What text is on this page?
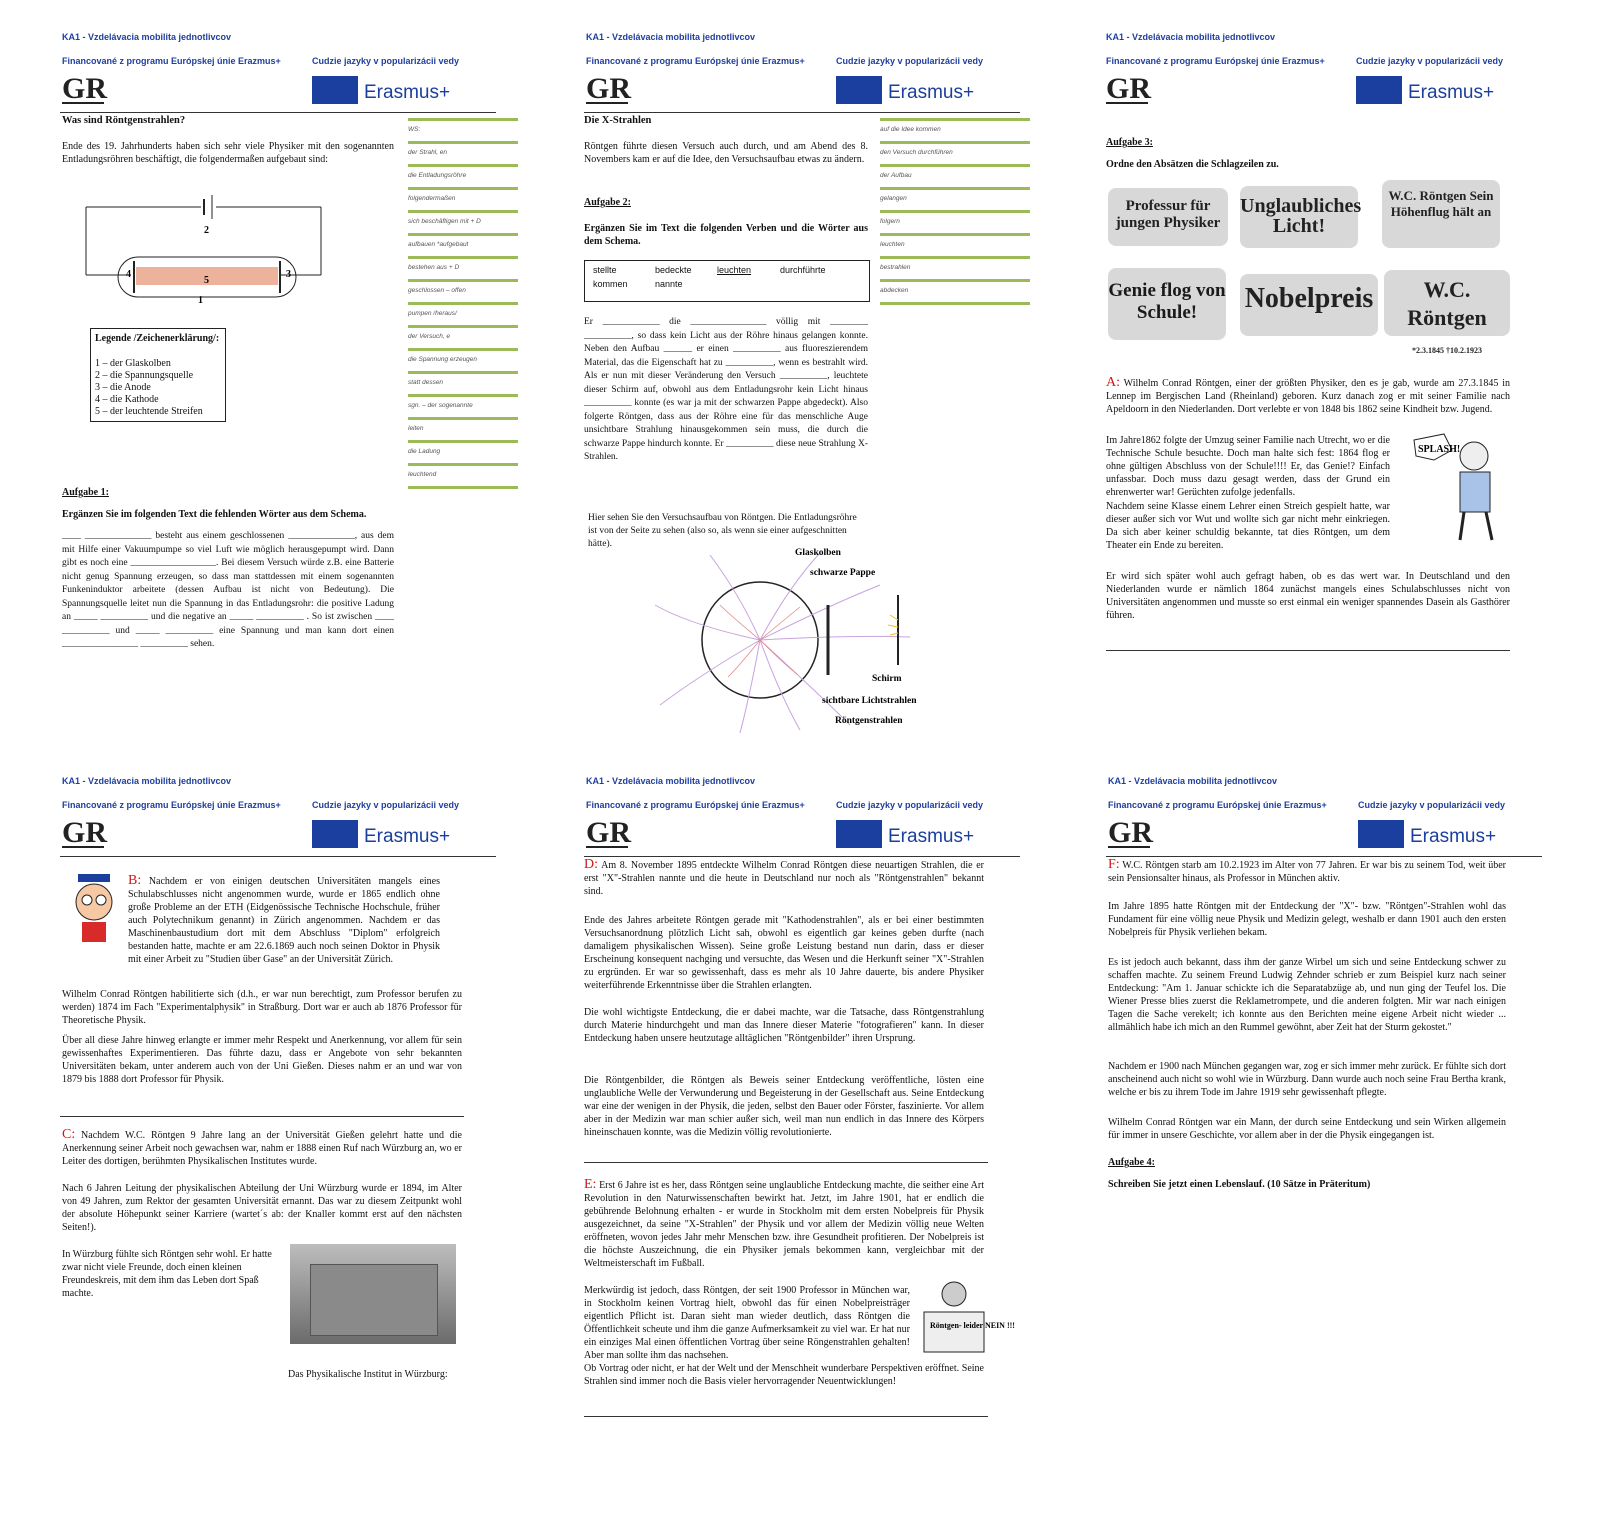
KA1 - Vzdelávacia mobilita jednotlivcov
Financované z programu Európskej únie Erazmus+	Cudzie jazyky v popularizácii vedy
GR	Erasmus+
Was sind Röntgenstrahlen?
Ende des 19. Jahrhunderts haben sich sehr viele Physiker mit den sogenannten Entladungsröhren beschäftigt, die folgendermaßen aufgebaut sind:
2
4
5
3
1
Legende /Zeichenerklärung/:
1 – der Glaskolben
2 – die Spannungsquelle
3 – die Anode
4 – die Kathode
5 – der leuchtende Streifen
Aufgabe 1:
Ergänzen Sie im folgenden Text die fehlenden Wörter aus dem Schema.
____ ______________ besteht aus einem geschlossenen ______________, aus dem mit Hilfe einer Vakuumpumpe so viel Luft wie möglich herausgepumpt wird. Dann gibt es noch eine __________________. Bei diesem Versuch würde z.B. eine Batterie nicht genug Spannung erzeugen, so dass man stattdessen mit einem sogenannten Funkeninduktor arbeitete (dessen Aufbau ist nicht von Bedeutung). Die Spannungsquelle leitet nun die Spannung in das Entladungsrohr: die positive Ladung an _____ __________ und die negative an _____ __________ . So ist zwischen ____ __________ und _____ __________ eine Spannung und man kann dort einen ________________ __________ sehen.
WS:
der Strahl, en
die Entladungsröhre
folgendermaßen
sich beschäftigen mit + D
aufbauen *aufgebaut
bestehen aus + D
geschlossen – offen
pumpen /heraus/
der Versuch, e
die Spannung erzeugen
statt dessen
sgn. – der sogenannte
leiten
die Ladung
leuchtend
KA1 - Vzdelávacia mobilita jednotlivcov
Financované z programu Európskej únie Erazmus+	Cudzie jazyky v popularizácii vedy
GR	Erasmus+
Die X-Strahlen
Röntgen führte diesen Versuch auch durch, und am Abend des 8. Novembers kam er auf die Idee, den Versuchsaufbau etwas zu ändern.
Aufgabe 2:
Ergänzen Sie im Text die folgenden Verben und die Wörter aus dem Schema.
stellte	bedeckte	leuchten	durchführte
kommen	nannte
Er ____________ die ________________ völlig mit ________ __________, so dass kein Licht aus der Röhre hinaus gelangen konnte. Neben den Aufbau ______ er einen __________ aus fluoreszierendem Material, das die Eigenschaft hat zu __________, wenn es bestrahlt wird. Als er nun mit dieser Veränderung den Versuch __________, leuchtete dieser Schirm auf, obwohl aus dem Entladungsrohr kein Licht hinaus __________ konnte (es war ja mit der schwarzen Pappe abgedeckt). Also folgerte Röntgen, dass aus der Röhre eine für das menschliche Auge unsichtbare Strahlung hinausgekommen sein muss, die durch die schwarze Pappe hindurch konnte. Er __________ diese neue Strahlung X-Strahlen.
Hier sehen Sie den Versuchsaufbau von Röntgen. Die Entladungsröhre ist von der Seite zu sehen (also so, als wenn sie einer aufgeschnitten hätte).
Glaskolben
schwarze Pappe
Schirm
sichtbare Lichtstrahlen
Röntgenstrahlen
auf die Idee kommen
den Versuch durchführen
der Aufbau
gelangen
folgern
leuchten
bestrahlen
abdecken
KA1 - Vzdelávacia mobilita jednotlivcov
Financované z programu Európskej únie Erazmus+	Cudzie jazyky v popularizácii vedy
GR	Erasmus+
Aufgabe 3:
Ordne den Absätzen die Schlagzeilen zu.
Professur für jungen Physiker
Unglaubliches Licht!
W.C. Röntgen Sein Höhenflug hält an
Genie flog von Schule!	Nobelpreis	W.C. Röntgen
*2.3.1845 †10.2.1923
A: Wilhelm Conrad Röntgen, einer der größten Physiker, den es je gab, wurde am 27.3.1845 in Lennep im Bergischen Land (Rheinland) geboren. Kurz danach zog er mit seiner Familie nach Apeldoorn in den Niederlanden. Dort verlebte er von 1848 bis 1862 seine Kindheit bzw. Jugend.
Im Jahre1862 folgte der Umzug seiner Familie nach Utrecht, wo er die Technische Schule besuchte. Doch man halte sich fest: 1864 flog er ohne gültigen Abschluss von der Schule!!!! Er, das Genie!? Einfach unfassbar. Doch muss dazu gesagt werden, dass der Grund ein ehrenwerter war! Gerüchten zufolge jedenfalls.
Nachdem seine Klasse einem Lehrer einen Streich gespielt hatte, war dieser außer sich vor Wut und wollte sich gar nicht mehr einkriegen. Da sich aber keiner schuldig bekannte, tat dies Röntgen, um dem Theater ein Ende zu bereiten.
SPLASH!
Er wird sich später wohl auch gefragt haben, ob es das wert war. In Deutschland und den Niederlanden wurde er nämlich 1864 zunächst mangels eines Schulabschlusses nicht von Universitäten angenommen und musste so erst einmal ein weniger spannendes Dasein als Gasthörer führen.
KA1 - Vzdelávacia mobilita jednotlivcov
Financované z programu Európskej únie Erazmus+	Cudzie jazyky v popularizácii vedy
GR	Erasmus+
B: Nachdem er von einigen deutschen Universitäten mangels eines Schulabschlusses nicht angenommen wurde, wurde er 1865 endlich ohne große Probleme an der ETH (Eidgenössische Technische Hochschule, früher auch Polytechnikum genannt) in Zürich angenommen. Nachdem er das Maschinenbaustudium dort mit dem Abschluss "Diplom" erfolgreich bestanden hatte, machte er am 22.6.1869 auch noch seinen Doktor in Physik mit einer Arbeit zu "Studien über Gase" an der Universität Zürich.
Wilhelm Conrad Röntgen habilitierte sich (d.h., er war nun berechtigt, zum Professor berufen zu werden) 1874 im Fach "Experimentalphysik" in Straßburg. Dort war er auch ab 1876 Professor für Theoretische Physik.
Über all diese Jahre hinweg erlangte er immer mehr Respekt und Anerkennung, vor allem für sein gewissenhaftes Experimentieren. Das führte dazu, dass er Angebote von sehr bekannten Universitäten bekam, unter anderem auch von der Uni Gießen. Dieses nahm er an und war von 1879 bis 1888 dort Professor für Physik.
C: Nachdem W.C. Röntgen 9 Jahre lang an der Universität Gießen gelehrt hatte und die Anerkennung seiner Arbeit noch gewachsen war, nahm er 1888 einen Ruf nach Würzburg an, wo er Leiter des dortigen, berühmten Physikalischen Institutes wurde.
Nach 6 Jahren Leitung der physikalischen Abteilung der Uni Würzburg wurde er 1894, im Alter von 49 Jahren, zum Rektor der gesamten Universität ernannt. Das war zu diesem Zeitpunkt wohl der absolute Höhepunkt seiner Karriere (wartet´s ab: der Knaller kommt erst auf den nächsten Seiten!).
In Würzburg fühlte sich Röntgen sehr wohl. Er hatte zwar nicht viele Freunde, doch einen kleinen Freundeskreis, mit dem ihm das Leben dort Spaß machte.
Das Physikalische Institut in Würzburg:
KA1 - Vzdelávacia mobilita jednotlivcov
Financované z programu Európskej únie Erazmus+	Cudzie jazyky v popularizácii vedy
GR	Erasmus+
D: Am 8. November 1895 entdeckte Wilhelm Conrad Röntgen diese neuartigen Strahlen, die er erst "X"-Strahlen nannte und die heute in Deutschland nur noch als "Röntgenstrahlen" bekannt sind.
Ende des Jahres arbeitete Röntgen gerade mit "Kathodenstrahlen", als er bei einer bestimmten Versuchsanordnung plötzlich Licht sah, obwohl es eigentlich gar keines geben durfte (nach damaligem physikalischen Wissen). Seine große Leistung bestand nun darin, dass er dieser Erscheinung konsequent nachging und versuchte, das Wesen und die Herkunft seiner "X"-Strahlen zu ergründen. Er war so gewissenhaft, dass es mehr als 10 Jahre dauerte, bis andere Physiker weiterführende Erkenntnisse über die Strahlen erlangten.
Die wohl wichtigste Entdeckung, die er dabei machte, war die Tatsache, dass Röntgenstrahlung durch Materie hindurchgeht und man das Innere dieser Materie "fotografieren" kann. In dieser Entdeckung haben unsere heutzutage alltäglichen "Röntgenbilder" ihren Ursprung.
Die Röntgenbilder, die Röntgen als Beweis seiner Entdeckung veröffentliche, lösten eine unglaubliche Welle der Verwunderung und Begeisterung in der Gesellschaft aus. Seine Entdeckung war eine der wenigen in der Physik, die jeden, selbst den Bauer oder Förster, faszinierte. Vor allem aber in der Medizin war man schier außer sich, weil man nun endlich in das Innere des Körpers hineinschauen konnte, was die Medizin völlig revolutionierte.
E: Erst 6 Jahre ist es her, dass Röntgen seine unglaubliche Entdeckung machte, die seither eine Art Revolution in den Naturwissenschaften bewirkt hat. Jetzt, im Jahre 1901, hat er endlich die gebührende Belohnung erhalten - er wurde in Stockholm mit dem ersten Nobelpreis für Physik ausgezeichnet, da seine "X-Strahlen" der Physik und vor allem der Medizin völlig neue Welten eröffneten, wovon jedes Jahr mehr Menschen bzw. ihre Gesundheit profitieren. Der Nobelpreis ist die höchste Auszeichnung, die ein Physiker jemals bekommen kann, vergleichbar mit der Weltmeisterschaft im Fußball.
Merkwürdig ist jedoch, dass Röntgen, der seit 1900 Professor in München war, in Stockholm keinen Vortrag hielt, obwohl das für einen Nobelpreisträger eigentlich Pflicht ist. Daran sieht man wieder deutlich, dass Röntgen die Öffentlichkeit scheute und ihm die ganze Aufmerksamkeit zu viel war. Er hat nur ein einziges Mal einen öffentlichen Vortrag über seine Röngenstrahlen gehalten! Aber man sollte ihm das nachsehen.
Röntgen- leider NEIN !!!
Ob Vortrag oder nicht, er hat der Welt und der Menschheit wunderbare Perspektiven eröffnet. Seine Strahlen sind immer noch die Basis vieler hervorragender Neuentwicklungen!
KA1 - Vzdelávacia mobilita jednotlivcov
Financované z programu Európskej únie Erazmus+	Cudzie jazyky v popularizácii vedy
GR	Erasmus+
F: W.C. Röntgen starb am 10.2.1923 im Alter von 77 Jahren. Er war bis zu seinem Tod, weit über sein Pensionsalter hinaus, als Professor in München aktiv.
Im Jahre 1895 hatte Röntgen mit der Entdeckung der "X"- bzw. "Röntgen"-Strahlen wohl das Fundament für eine völlig neue Physik und Medizin gelegt, weshalb er dann 1901 auch den ersten Nobelpreis für Physik verliehen bekam.
Es ist jedoch auch bekannt, dass ihm der ganze Wirbel um sich und seine Entdeckung schwer zu schaffen machte. Zu seinem Freund Ludwig Zehnder schrieb er zum Beispiel kurz nach seiner Entdeckung: "Am 1. Januar schickte ich die Separatabzüge ab, und nun ging der Teufel los. Die Wiener Presse blies zuerst die Reklametrompete, und die anderen folgten. Mir war nach einigen Tagen die Sache verekelt; ich konnte aus den Berichten meine eigene Arbeit nicht wieder ... allmählich habe ich mich an den Rummel gewöhnt, aber Zeit hat der Sturm gekostet."
Nachdem er 1900 nach München gegangen war, zog er sich immer mehr zurück. Er fühlte sich dort anscheinend auch nicht so wohl wie in Würzburg. Dann wurde auch noch seine Frau Bertha krank, welche er bis zu ihrem Tode im Jahre 1919 sehr gewissenhaft pflegte.
Wilhelm Conrad Röntgen war ein Mann, der durch seine Entdeckung und sein Wirken allgemein für immer in unsere Geschichte, vor allem aber in der die Physik eingegangen ist.
Aufgabe 4:
Schreiben Sie jetzt einen Lebenslauf. (10 Sätze in Präteritum)
